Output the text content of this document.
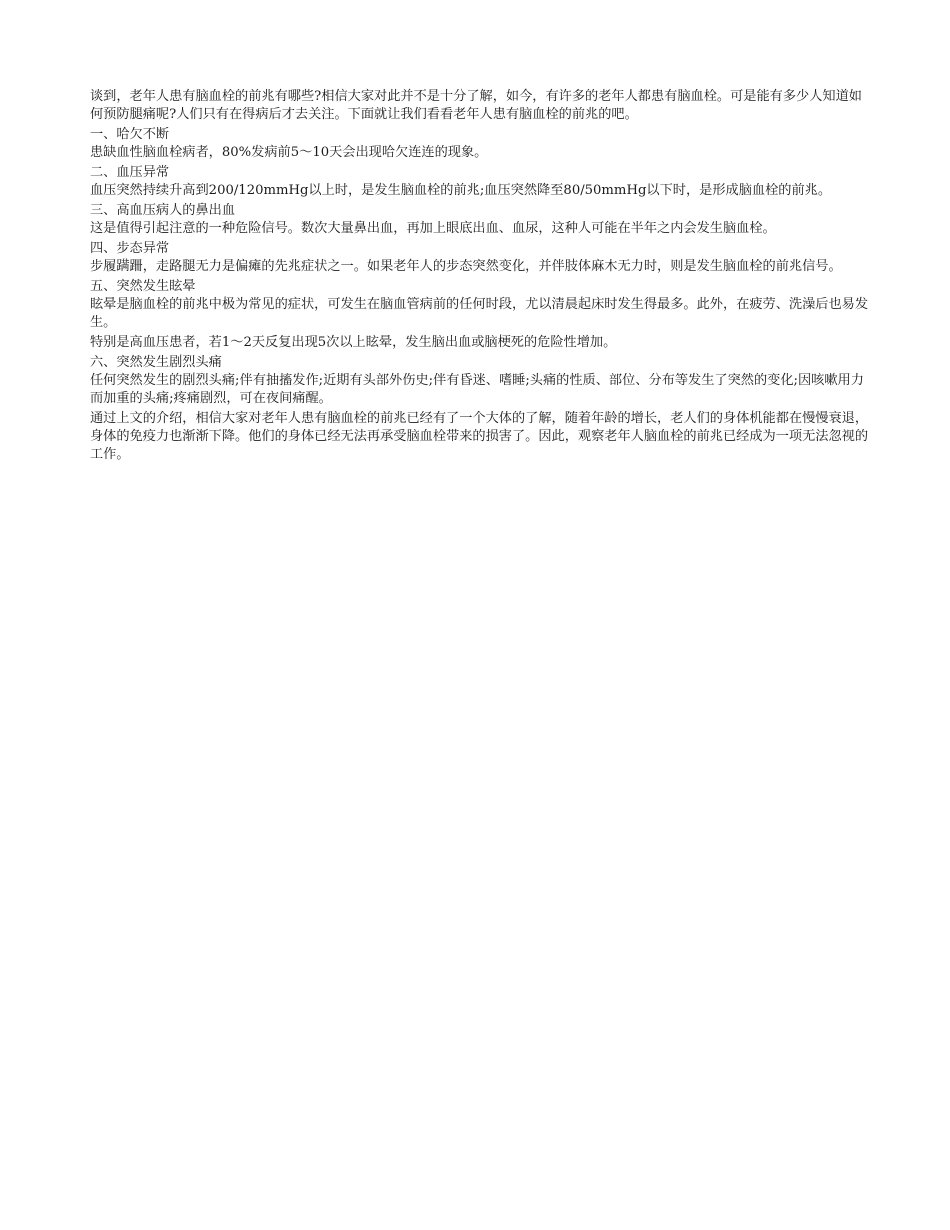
谈到，老年人患有脑血栓的前兆有哪些?相信大家对此并不是十分了解，如今，有许多的老年人都患有脑血栓。可是能有多少人知道如何预防腿痛呢?人们只有在得病后才去关注。下面就让我们看看老年人患有脑血栓的前兆的吧。

一、哈欠不断

患缺血性脑血栓病者，80%发病前5～10天会出现哈欠连连的现象。

二、血压异常

血压突然持续升高到200/120mmHg以上时，是发生脑血栓的前兆;血压突然降至80/50mmHg以下时，是形成脑血栓的前兆。

三、高血压病人的鼻出血

这是值得引起注意的一种危险信号。数次大量鼻出血，再加上眼底出血、血尿，这种人可能在半年之内会发生脑血栓。

四、步态异常

步履蹒跚，走路腿无力是偏瘫的先兆症状之一。如果老年人的步态突然变化，并伴肢体麻木无力时，则是发生脑血栓的前兆信号。

五、突然发生眩晕

眩晕是脑血栓的前兆中极为常见的症状，可发生在脑血管病前的任何时段，尤以清晨起床时发生得最多。此外，在疲劳、洗澡后也易发生。

特别是高血压患者，若1～2天反复出现5次以上眩晕，发生脑出血或脑梗死的危险性增加。

六、突然发生剧烈头痛

任何突然发生的剧烈头痛;伴有抽搐发作;近期有头部外伤史;伴有昏迷、嗜睡;头痛的性质、部位、分布等发生了突然的变化;因咳嗽用力而加重的头痛;疼痛剧烈，可在夜间痛醒。

通过上文的介绍，相信大家对老年人患有脑血栓的前兆已经有了一个大体的了解，随着年龄的增长，老人们的身体机能都在慢慢衰退，身体的免疫力也渐渐下降。他们的身体已经无法再承受脑血栓带来的损害了。因此，观察老年人脑血栓的前兆已经成为一项无法忽视的工作。
